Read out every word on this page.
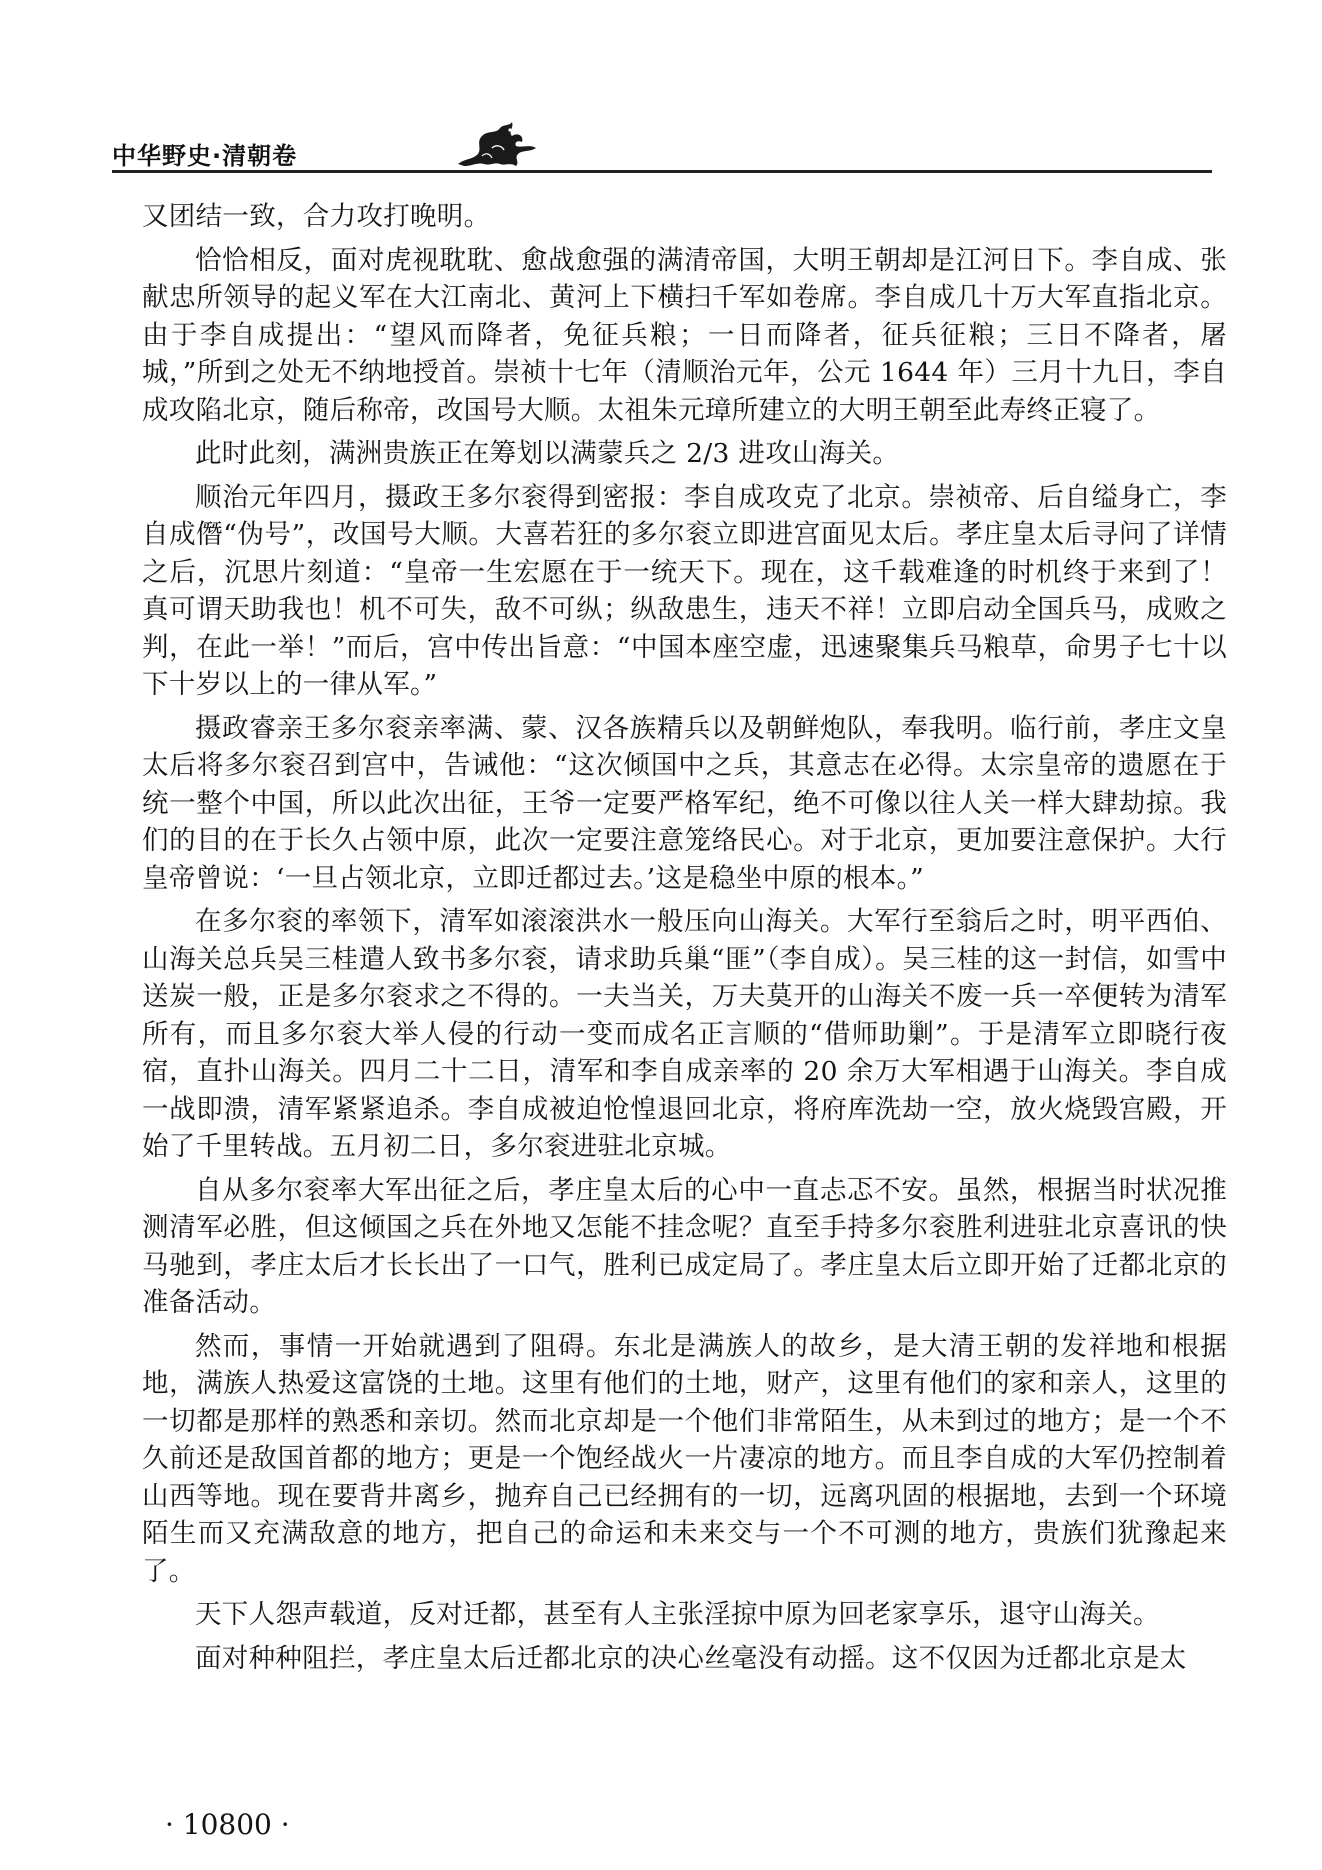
中华野史·清朝卷

又团结一致，合力攻打晚明。

恰恰相反，面对虎视耽耽、愈战愈强的满清帝国，大明王朝却是江河日下。李自成、张献忠所领导的起义军在大江南北、黄河上下横扫千军如卷席。李自成几十万大军直指北京。由于李自成提出：“望风而降者，免征兵粮；一日而降者，征兵征粮；三日不降者，屠城，”所到之处无不纳地授首。崇祯十七年（清顺治元年，公元 1644 年）三月十九日，李自成攻陷北京，随后称帝，改国号大顺。太祖朱元璋所建立的大明王朝至此寿终正寝了。

此时此刻，满洲贵族正在筹划以满蒙兵之 2/3 进攻山海关。

顺治元年四月，摄政王多尔衮得到密报：李自成攻克了北京。崇祯帝、后自缢身亡，李自成僭“伪号”，改国号大顺。大喜若狂的多尔衮立即进宫面见太后。孝庄皇太后寻问了详情之后，沉思片刻道：“皇帝一生宏愿在于一统天下。现在，这千载难逢的时机终于来到了！真可谓天助我也！机不可失，敌不可纵；纵敌患生，违天不祥！立即启动全国兵马，成败之判，在此一举！”而后，宫中传出旨意：“中国本座空虚，迅速聚集兵马粮草，命男子七十以下十岁以上的一律从军。”

摄政睿亲王多尔衮亲率满、蒙、汉各族精兵以及朝鲜炮队，奉我明。临行前，孝庄文皇太后将多尔衮召到宫中，告诫他：“这次倾国中之兵，其意志在必得。太宗皇帝的遗愿在于统一整个中国，所以此次出征，王爷一定要严格军纪，绝不可像以往人关一样大肆劫掠。我们的目的在于长久占领中原，此次一定要注意笼络民心。对于北京，更加要注意保护。大行皇帝曾说：‘一旦占领北京，立即迁都过去。’这是稳坐中原的根本。”

在多尔衮的率领下，清军如滚滚洪水一般压向山海关。大军行至翁后之时，明平西伯、山海关总兵吴三桂遣人致书多尔衮，请求助兵巢“匪”（李自成）。吴三桂的这一封信，如雪中送炭一般，正是多尔衮求之不得的。一夫当关，万夫莫开的山海关不废一兵一卒便转为清军所有，而且多尔衮大举人侵的行动一变而成名正言顺的“借师助剿”。于是清军立即晓行夜宿，直扑山海关。四月二十二日，清军和李自成亲率的 20 余万大军相遇于山海关。李自成一战即溃，清军紧紧追杀。李自成被迫怆惶退回北京，将府库洗劫一空，放火烧毁宫殿，开始了千里转战。五月初二日，多尔衮进驻北京城。

自从多尔衮率大军出征之后，孝庄皇太后的心中一直忐忑不安。虽然，根据当时状况推测清军必胜，但这倾国之兵在外地又怎能不挂念呢？直至手持多尔衮胜利进驻北京喜讯的快马驰到，孝庄太后才长长出了一口气，胜利已成定局了。孝庄皇太后立即开始了迁都北京的准备活动。

然而，事情一开始就遇到了阻碍。东北是满族人的故乡，是大清王朝的发祥地和根据地，满族人热爱这富饶的土地。这里有他们的土地，财产，这里有他们的家和亲人，这里的一切都是那样的熟悉和亲切。然而北京却是一个他们非常陌生，从未到过的地方；是一个不久前还是敌国首都的地方；更是一个饱经战火一片凄凉的地方。而且李自成的大军仍控制着山西等地。现在要背井离乡，抛弃自己已经拥有的一切，远离巩固的根据地，去到一个环境陌生而又充满敌意的地方，把自己的命运和未来交与一个不可测的地方，贵族们犹豫起来了。

天下人怨声载道，反对迁都，甚至有人主张淫掠中原为回老家享乐，退守山海关。

面对种种阻拦，孝庄皇太后迁都北京的决心丝毫没有动摇。这不仅因为迁都北京是太

· 10800 ·
